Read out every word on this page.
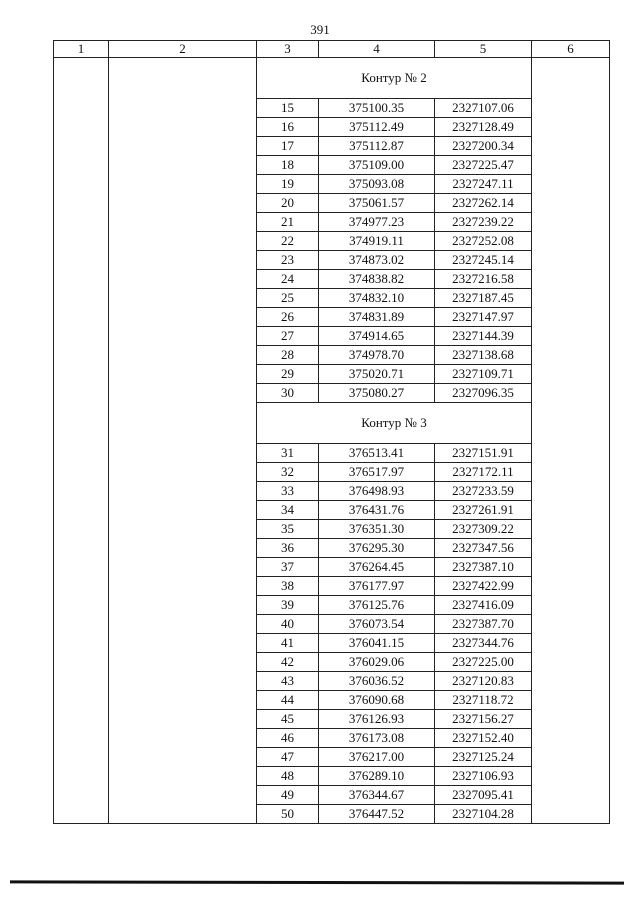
391
1	2	3	4	5	6
		Контур № 2			
		15	375100.35	2327107.06	
		16	375112.49	2327128.49	
		17	375112.87	2327200.34	
		18	375109.00	2327225.47	
		19	375093.08	2327247.11	
		20	375061.57	2327262.14	
		21	374977.23	2327239.22	
		22	374919.11	2327252.08	
		23	374873.02	2327245.14	
		24	374838.82	2327216.58	
		25	374832.10	2327187.45	
		26	374831.89	2327147.97	
		27	374914.65	2327144.39	
		28	374978.70	2327138.68	
		29	375020.71	2327109.71	
		30	375080.27	2327096.35	
		Контур № 3			
		31	376513.41	2327151.91	
		32	376517.97	2327172.11	
		33	376498.93	2327233.59	
		34	376431.76	2327261.91	
		35	376351.30	2327309.22	
		36	376295.30	2327347.56	
		37	376264.45	2327387.10	
		38	376177.97	2327422.99	
		39	376125.76	2327416.09	
		40	376073.54	2327387.70	
		41	376041.15	2327344.76	
		42	376029.06	2327225.00	
		43	376036.52	2327120.83	
		44	376090.68	2327118.72	
		45	376126.93	2327156.27	
		46	376173.08	2327152.40	
		47	376217.00	2327125.24	
		48	376289.10	2327106.93	
		49	376344.67	2327095.41	
		50	376447.52	2327104.28	
